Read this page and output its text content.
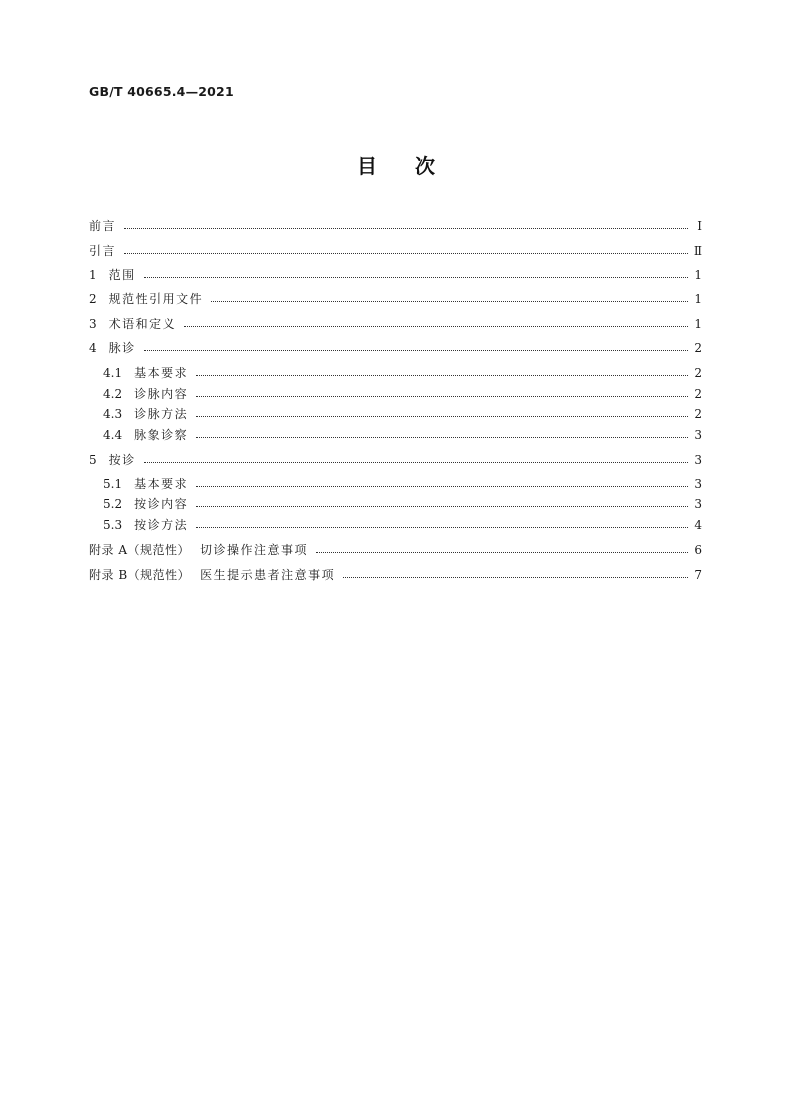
GB/T 40665.4—2021
目次
前言	Ⅰ
引言	Ⅱ
1 范围	1
2 规范性引用文件	1
3 术语和定义	1
4 脉诊	2
4.1 基本要求	2
4.2 诊脉内容	2
4.3 诊脉方法	2
4.4 脉象诊察	3
5 按诊	3
5.1 基本要求	3
5.2 按诊内容	3
5.3 按诊方法	4
附录 A（规范性） 切诊操作注意事项	6
附录 B（规范性） 医生提示患者注意事项	7
